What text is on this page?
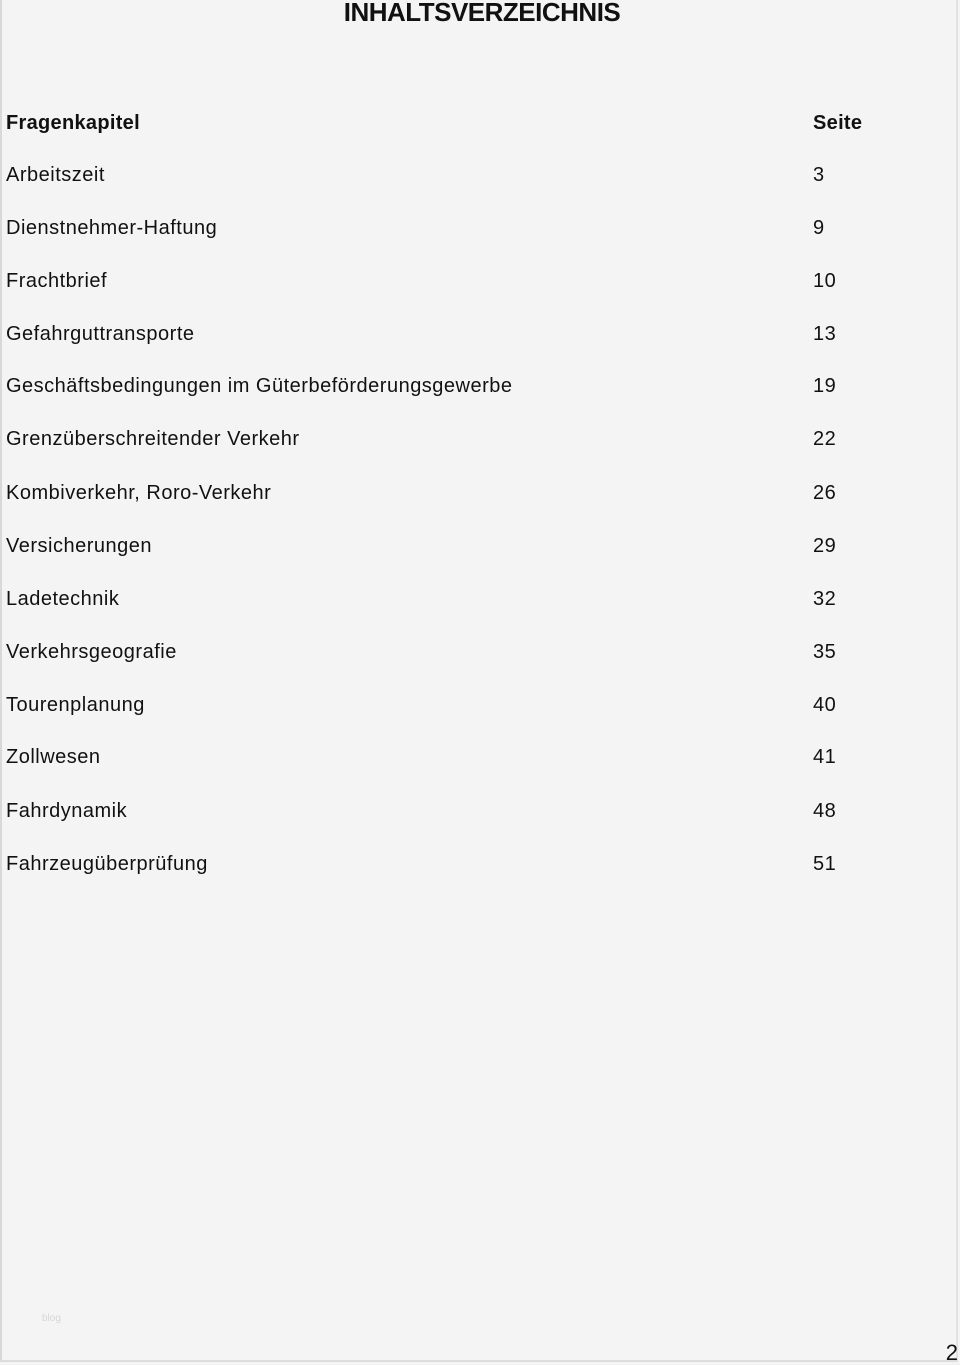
INHALTSVERZEICHNIS
Fragenkapitel	Seite
Arbeitszeit	3
Dienstnehmer-Haftung	9
Frachtbrief	10
Gefahrguttransporte	13
Geschäftsbedingungen im Güterbeförderungsgewerbe	19
Grenzüberschreitender Verkehr	22
Kombiverkehr, Roro-Verkehr	26
Versicherungen	29
Ladetechnik	32
Verkehrsgeografie	35
Tourenplanung	40
Zollwesen	41
Fahrdynamik	48
Fahrzeugüberprüfung	51
blog
2
